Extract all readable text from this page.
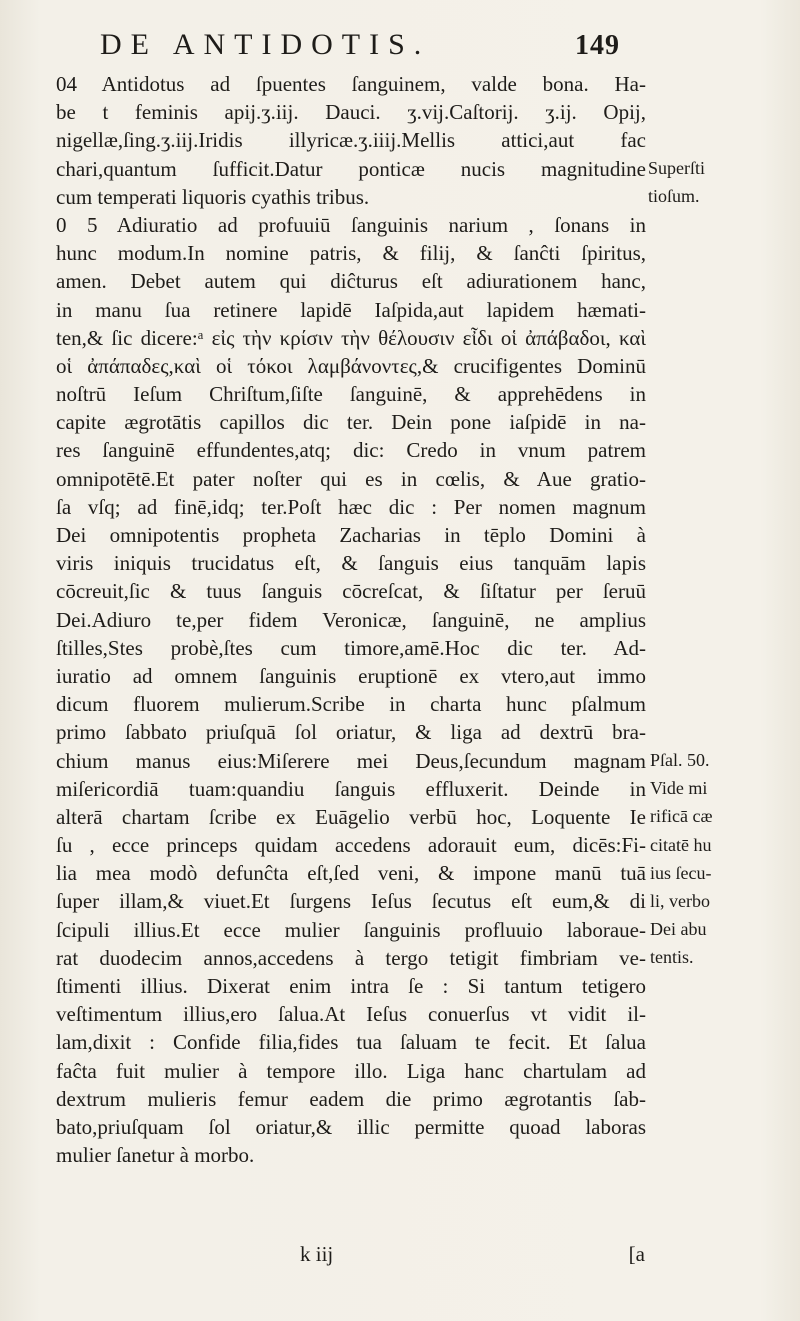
DE ANTIDOTIS.	149
04 Antidotus ad ſpuentes ſanguinem, valde bona. Ha-
be t feminis apij.ʒ.iij. Dauci. ʒ.vij.Caſtorij. ʒ.ij. Opij,
nigellæ,ſing.ʒ.iij.Iridis illyricæ.ʒ.iiij.Mellis attici,aut fac
chari,quantum ſufficit.Datur ponticæ nucis magnitudine
cum temperati liquoris cyathis tribus.
0 5 Adiuratio ad profuuiū ſanguinis narium , ſonans in
hunc modum.In nomine patris, & filij, & ſanĉti ſpiritus,
amen. Debet autem qui diĉturus eſt adiurationem hanc,
in manu ſua retinere lapidē Iaſpida,aut lapidem hæmati-
ten,& ſic dicere:ᵃ εἰς τὴν κρίσιν τὴν θέλουσιν εἶδι οἱ ἀπάβαδοι, καὶ
οἱ ἀπάπαδες,καὶ οἱ τόκοι λαμβάνοντες,& crucifigentes Dominū
noſtrū Ieſum Chriſtum,ſiſte ſanguinē, & apprehēdens in
capite ægrotātis capillos dic ter. Dein pone iaſpidē in na-
res ſanguinē effundentes,atq; dic: Credo in vnum patrem
omnipotētē.Et pater noſter qui es in cœlis, & Aue gratio-
ſa vſq; ad finē,idq; ter.Poſt hæc dic : Per nomen magnum
Dei omnipotentis propheta Zacharias in tēplo Domini à
viris iniquis trucidatus eſt, & ſanguis eius tanquām lapis
cōcreuit,ſic & tuus ſanguis cōcreſcat, & ſiſtatur per ſeruū
Dei.Adiuro te,per fidem Veronicæ, ſanguinē, ne amplius
ſtilles,Stes probè,ſtes cum timore,amē.Hoc dic ter. Ad-
iuratio ad omnem ſanguinis eruptionē ex vtero,aut immo
dicum fluorem mulierum.Scribe in charta hunc pſalmum
primo ſabbato priuſquā ſol oriatur, & liga ad dextrū bra-
chium manus eius:Miſerere mei Deus,ſecundum magnam
miſericordiā tuam:quandiu ſanguis effluxerit. Deinde in
alterā chartam ſcribe ex Euāgelio verbū hoc, Loquente Ie
ſu , ecce princeps quidam accedens adorauit eum, dicēs:Fi-
lia mea modò defunĉta eſt,ſed veni, & impone manū tuā
ſuper illam,& viuet.Et ſurgens Ieſus ſecutus eſt eum,& di
ſcipuli illius.Et ecce mulier ſanguinis profluuio laboraue-
rat duodecim annos,accedens à tergo tetigit fimbriam ve-
ſtimenti illius. Dixerat enim intra ſe : Si tantum tetigero
veſtimentum illius,ero ſalua.At Ieſus conuerſus vt vidit il-
lam,dixit : Confide filia,fides tua ſaluam te fecit. Et ſalua
faĉta fuit mulier à tempore illo. Liga hanc chartulam ad
dextrum mulieris femur eadem die primo ægrotantis ſab-
bato,priuſquam ſol oriatur,& illic permitte quoad laboras
mulier ſanetur à morbo.
Superſti
tioſum.
Pſal. 50.
Vide mi
rificā cæ
citatē hu
ius ſecu-
li, verbo
Dei abu
tentis.
k iij	[a
